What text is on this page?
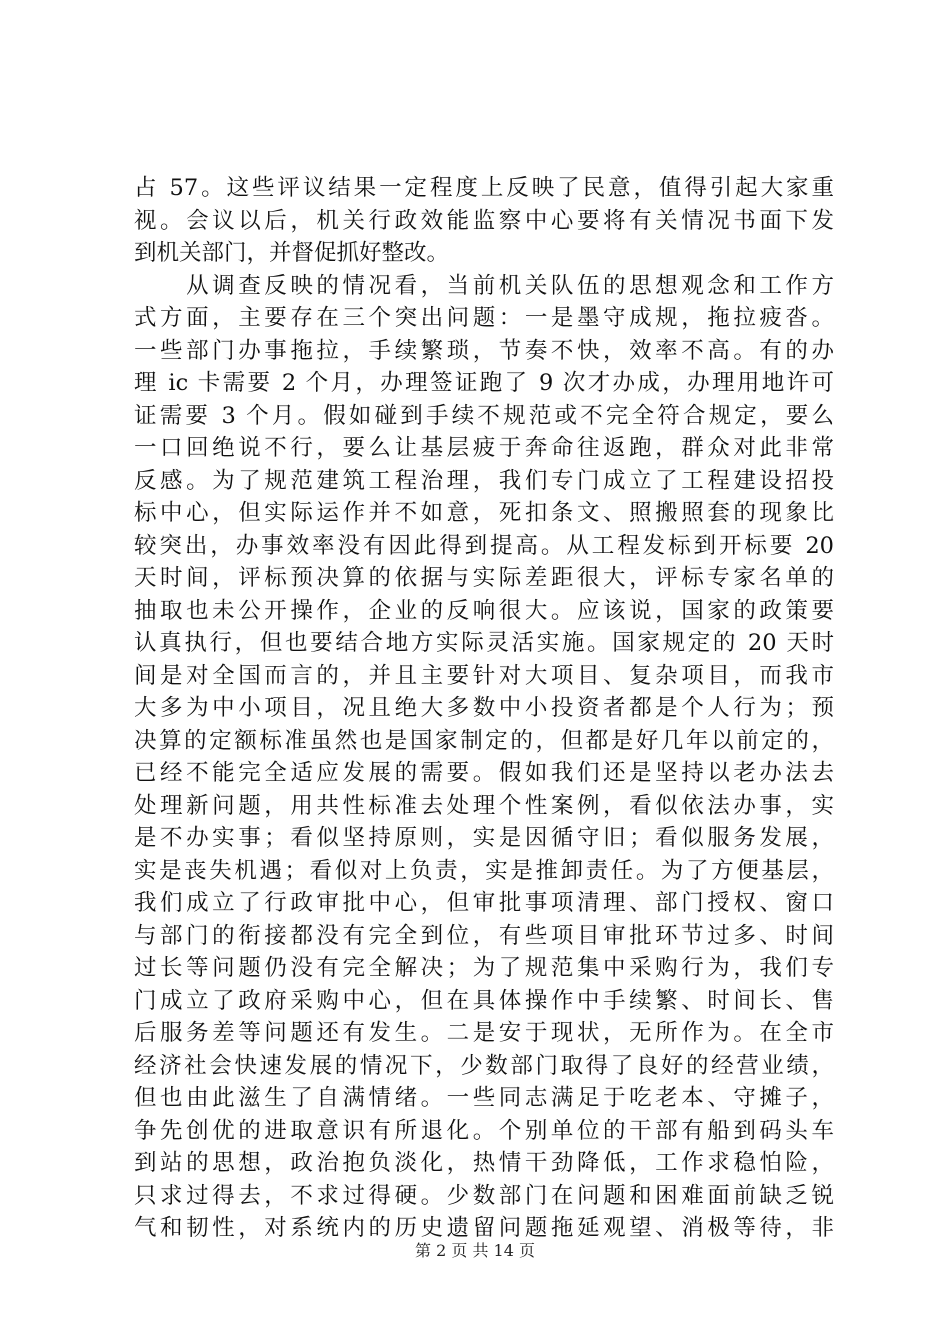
占 57。这些评议结果一定程度上反映了民意，值得引起大家重
视。会议以后，机关行政效能监察中心要将有关情况书面下发
到机关部门，并督促抓好整改。
　　从调查反映的情况看，当前机关队伍的思想观念和工作方
式方面，主要存在三个突出问题：一是墨守成规，拖拉疲沓。
一些部门办事拖拉，手续繁琐，节奏不快，效率不高。有的办
理 ic 卡需要 2 个月，办理签证跑了 9 次才办成，办理用地许可
证需要 3 个月。假如碰到手续不规范或不完全符合规定，要么
一口回绝说不行，要么让基层疲于奔命往返跑，群众对此非常
反感。为了规范建筑工程治理，我们专门成立了工程建设招投
标中心，但实际运作并不如意，死扣条文、照搬照套的现象比
较突出，办事效率没有因此得到提高。从工程发标到开标要 20
天时间，评标预决算的依据与实际差距很大，评标专家名单的
抽取也未公开操作，企业的反响很大。应该说，国家的政策要
认真执行，但也要结合地方实际灵活实施。国家规定的 20 天时
间是对全国而言的，并且主要针对大项目、复杂项目，而我市
大多为中小项目，况且绝大多数中小投资者都是个人行为；预
决算的定额标准虽然也是国家制定的，但都是好几年以前定的，
已经不能完全适应发展的需要。假如我们还是坚持以老办法去
处理新问题，用共性标准去处理个性案例，看似依法办事，实
是不办实事；看似坚持原则，实是因循守旧；看似服务发展，
实是丧失机遇；看似对上负责，实是推卸责任。为了方便基层，
我们成立了行政审批中心，但审批事项清理、部门授权、窗口
与部门的衔接都没有完全到位，有些项目审批环节过多、时间
过长等问题仍没有完全解决；为了规范集中采购行为，我们专
门成立了政府采购中心，但在具体操作中手续繁、时间长、售
后服务差等问题还有发生。二是安于现状，无所作为。在全市
经济社会快速发展的情况下，少数部门取得了良好的经营业绩，
但也由此滋生了自满情绪。一些同志满足于吃老本、守摊子，
争先创优的进取意识有所退化。个别单位的干部有船到码头车
到站的思想，政治抱负淡化，热情干劲降低，工作求稳怕险，
只求过得去，不求过得硬。少数部门在问题和困难面前缺乏锐
气和韧性，对系统内的历史遗留问题拖延观望、消极等待，非
第 2 页 共 14 页
